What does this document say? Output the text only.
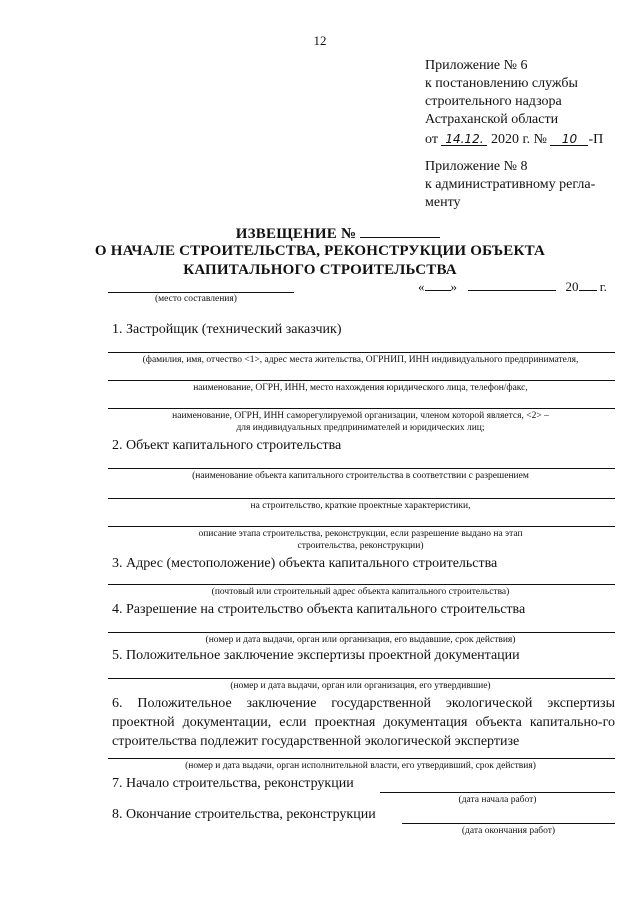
12
Приложение № 6
к постановлению службы
строительного надзора
Астраханской области
от 14.12. 2020 г. № 10 -П
Приложение № 8
к административному регла-
менту
ИЗВЕЩЕНИЕ №
О НАЧАЛЕ СТРОИТЕЛЬСТВА, РЕКОНСТРУКЦИИ ОБЪЕКТА
КАПИТАЛЬНОГО СТРОИТЕЛЬСТВА
(место составления)
« »	20 г.
1. Застройщик (технический заказчик)
(фамилия, имя, отчество <1>, адрес места жительства, ОГРНИП, ИНН индивидуального предпринимателя,
наименование, ОГРН, ИНН, место нахождения юридического лица, телефон/факс,
наименование, ОГРН, ИНН саморегулируемой организации, членом которой является, <2> –
для индивидуальных предпринимателей и юридических лиц;
2. Объект капитального строительства
(наименование объекта капитального строительства в соответствии с разрешением
на строительство, краткие проектные характеристики,
описание этапа строительства, реконструкции, если разрешение выдано на этап
строительства, реконструкции)
3. Адрес (местоположение) объекта капитального строительства
(почтовый или строительный адрес объекта капитального строительства)
4. Разрешение на строительство объекта капитального строительства
(номер и дата выдачи, орган или организация, его выдавшие, срок действия)
5. Положительное заключение экспертизы проектной документации
(номер и дата выдачи, орган или организация, его утвердившие)
6. Положительное заключение государственной экологической экспертизы проектной документации, если проектная документация объекта капитально-го строительства подлежит государственной экологической экспертизе
(номер и дата выдачи, орган исполнительной власти, его утвердивший, срок действия)
7. Начало строительства, реконструкции
(дата начала работ)
8. Окончание строительства, реконструкции
(дата окончания работ)
